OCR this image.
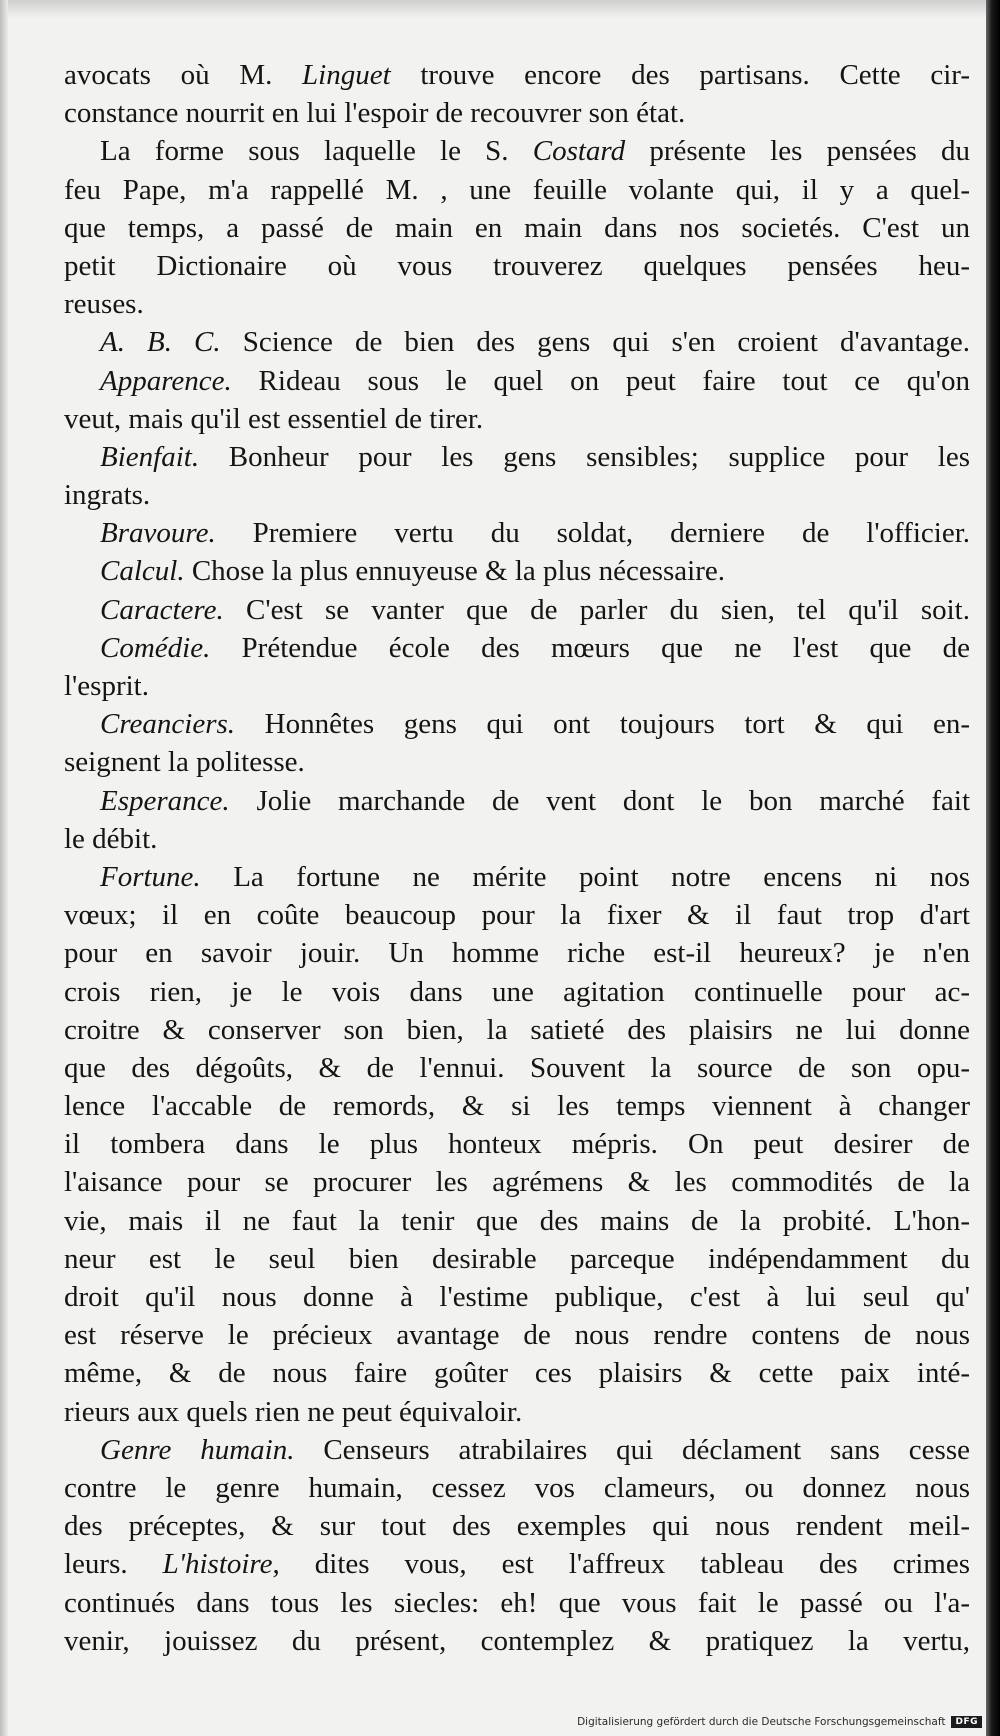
avocats où M. Linguet trouve encore des partisans. Cette cir-
constance nourrit en lui l'espoir de recouvrer son état.
La forme sous laquelle le S. Costard présente les pensées du
feu Pape, m'a rappellé M. , une feuille volante qui, il y a quel-
que temps, a passé de main en main dans nos societés. C'est un
petit Dictionaire où vous trouverez quelques pensées heu-
reuses.
A. B. C. Science de bien des gens qui s'en croient d'avantage.
Apparence. Rideau sous le quel on peut faire tout ce qu'on
veut, mais qu'il est essentiel de tirer.
Bienfait. Bonheur pour les gens sensibles; supplice pour les
ingrats.
Bravoure. Premiere vertu du soldat, derniere de l'officier.
Calcul. Chose la plus ennuyeuse & la plus nécessaire.
Caractere. C'est se vanter que de parler du sien, tel qu'il soit.
Comédie. Prétendue école des mœurs que ne l'est que de
l'esprit.
Creanciers. Honnêtes gens qui ont toujours tort & qui en-
seignent la politesse.
Esperance. Jolie marchande de vent dont le bon marché fait
le débit.
Fortune. La fortune ne mérite point notre encens ni nos
vœux; il en coûte beaucoup pour la fixer & il faut trop d'art
pour en savoir jouir. Un homme riche est-il heureux? je n'en
crois rien, je le vois dans une agitation continuelle pour ac-
croitre & conserver son bien, la satieté des plaisirs ne lui donne
que des dégoûts, & de l'ennui. Souvent la source de son opu-
lence l'accable de remords, & si les temps viennent à changer
il tombera dans le plus honteux mépris. On peut desirer de
l'aisance pour se procurer les agrémens & les commodités de la
vie, mais il ne faut la tenir que des mains de la probité. L'hon-
neur est le seul bien desirable parceque indépendamment du
droit qu'il nous donne à l'estime publique, c'est à lui seul qu'
est réserve le précieux avantage de nous rendre contens de nous
même, & de nous faire goûter ces plaisirs & cette paix inté-
rieurs aux quels rien ne peut équivaloir.
Genre humain. Censeurs atrabilaires qui déclament sans cesse
contre le genre humain, cessez vos clameurs, ou donnez nous
des préceptes, & sur tout des exemples qui nous rendent meil-
leurs. L'histoire, dites vous, est l'affreux tableau des crimes
continués dans tous les siecles: eh! que vous fait le passé ou l'a-
venir, jouissez du présent, contemplez & pratiquez la vertu,
Digitalisierung gefördert durch die Deutsche Forschungsgemeinschaft	DFG
